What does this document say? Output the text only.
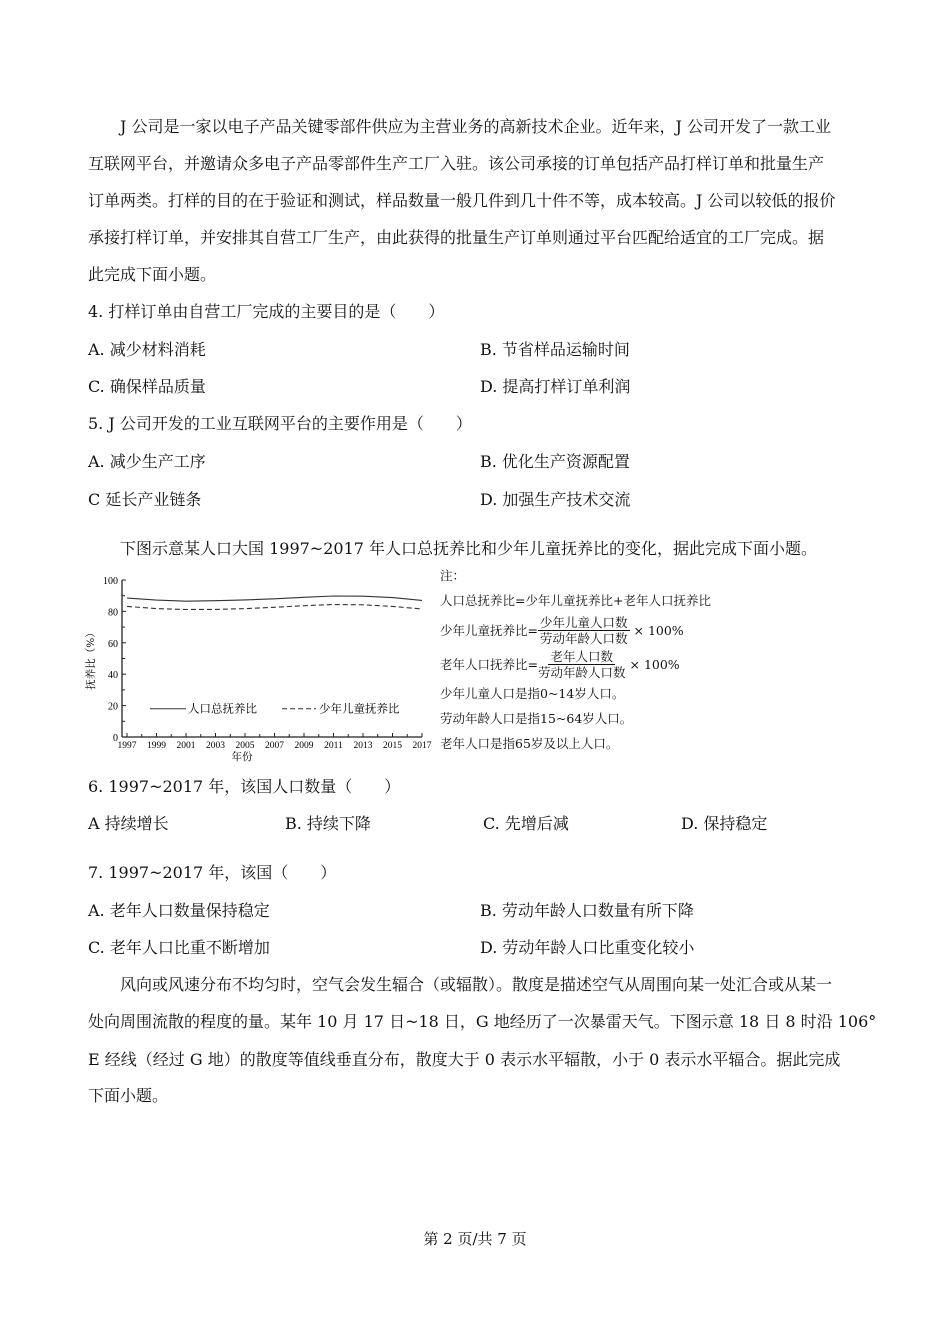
J 公司是一家以电子产品关键零部件供应为主营业务的高新技术企业。近年来，J 公司开发了一款工业
互联网平台，并邀请众多电子产品零部件生产工厂入驻。该公司承接的订单包括产品打样订单和批量生产
订单两类。打样的目的在于验证和测试，样品数量一般几件到几十件不等，成本较高。J 公司以较低的报价
承接打样订单，并安排其自营工厂生产，由此获得的批量生产订单则通过平台匹配给适宜的工厂完成。据
此完成下面小题。
4. 打样订单由自营工厂完成的主要目的是（　　）
A. 减少材料消耗	B. 节省样品运输时间
C. 确保样品质量	D. 提高打样订单利润
5. J 公司开发的工业互联网平台的主要作用是（　　）
A. 减少生产工序	B. 优化生产资源配置
C 延长产业链条	D. 加强生产技术交流
下图示意某人口大国 1997~2017 年人口总抚养比和少年儿童抚养比的变化，据此完成下面小题。
0
20
40
60
80
100
1997 1999 2001 2003 2005 2007 2009 2011 2013 2015 2017
年份
抚养比（%）
人口总抚养比	少年儿童抚养比
注：
人口总抚养比=少年儿童抚养比+老年人口抚养比
少年儿童抚养比= $\frac{\text{少年儿童人口数}}{\text{劳动年龄人口数}} \times 100\%$
老年人口抚养比= $\frac{\text{老年人口数}}{\text{劳动年龄人口数}} \times 100\%$
少年儿童人口是指0~14岁人口。
劳动年龄人口是指15~64岁人口。
老年人口是指65岁及以上人口。
6. 1997~2017 年，该国人口数量（　　）
A 持续增长	B. 持续下降	C. 先增后减	D. 保持稳定
7. 1997~2017 年，该国（　　）
A. 老年人口数量保持稳定	B. 劳动年龄人口数量有所下降
C. 老年人口比重不断增加	D. 劳动年龄人口比重变化较小
风向或风速分布不均匀时，空气会发生辐合（或辐散）。散度是描述空气从周围向某一处汇合或从某一
处向周围流散的程度的量。某年 10 月 17 日~18 日，G 地经历了一次暴雷天气。下图示意 18 日 8 时沿 106°
E 经线（经过 G 地）的散度等值线垂直分布，散度大于 0 表示水平辐散，小于 0 表示水平辐合。据此完成
下面小题。
第 2 页/共 7 页
